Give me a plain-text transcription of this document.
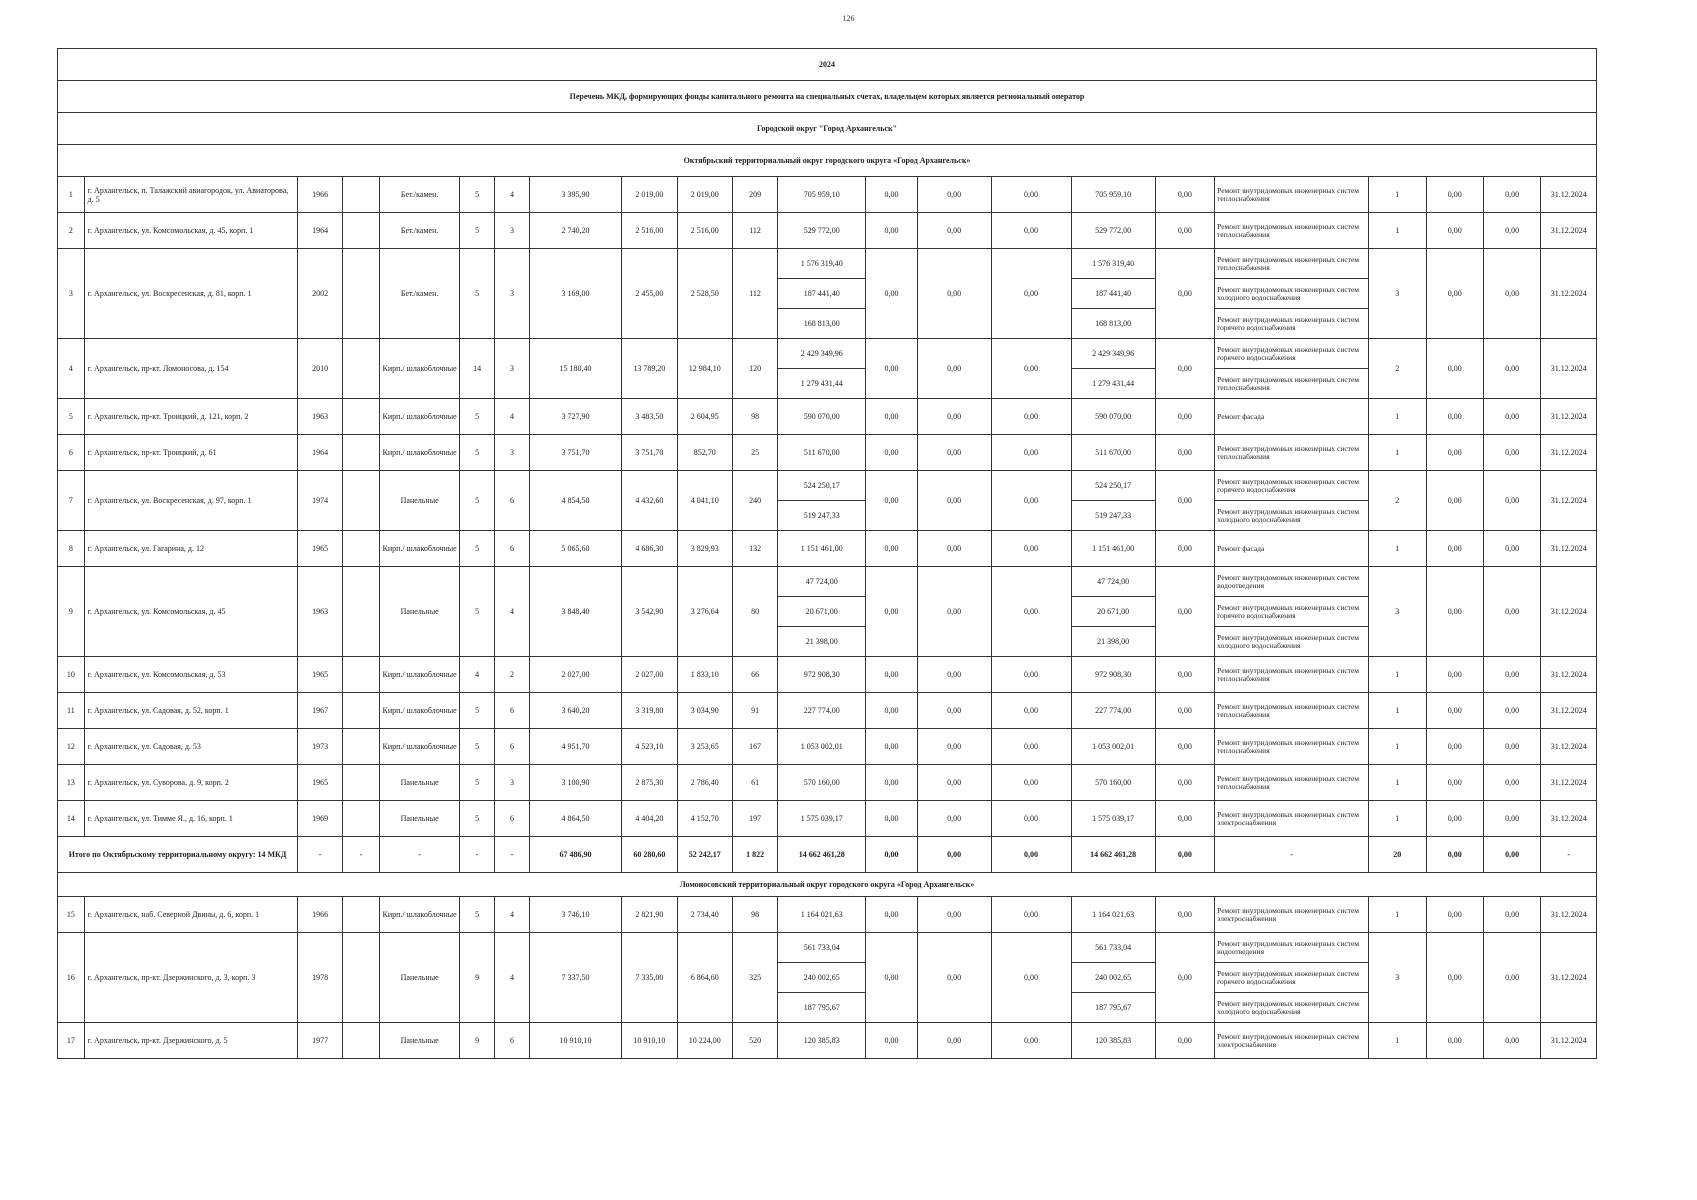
126
2024																					
Перечень МКД, формирующих фонды капитального ремонта на специальных счетах, владельцем которых является региональный оператор																					
Городской округ "Город Архангельск"																					
Октябрьский территориальный округ городского округа «Город Архангельск»																					
1	г. Архангельск, п. Талажский авиагородок, ул. Авиаторова, д. 5	1966		Бет./камен.	5	4	3 395,90	2 019,00	2 019,00	209	705 959,10	0,00	0,00	0,00	705 959,10	0,00	Ремонт внутридомовых инженерных систем теплоснабжения	1	0,00	0,00	31.12.2024
2	г. Архангельск, ул. Комсомольская, д. 45, корп. 1	1964		Бет./камен.	5	3	2 740,20	2 516,00	2 516,00	112	529 772,00	0,00	0,00	0,00	529 772,00	0,00	Ремонт внутридомовых инженерных систем теплоснабжения	1	0,00	0,00	31.12.2024
3	г. Архангельск, ул. Воскресенская, д. 81, корп. 1	2002		Бет./камен.	5	3	3 169,00	2 455,00	2 528,50	112	1 576 319,40	0,00	0,00	0,00	1 576 319,40	0,00	Ремонт внутридомовых инженерных систем теплоснабжения	3	0,00	0,00	31.12.2024
											187 441,40				187 441,40		Ремонт внутридомовых инженерных систем холодного водоснабжения				
											168 813,00				168 813,00		Ремонт внутридомовых инженерных систем горячего водоснабжения				
4	г. Архангельск, пр-кт. Ломоносова, д. 154	2010		Кирп./ шлакоблочные	14	3	15 180,40	13 789,20	12 984,10	120	2 429 349,96	0,00	0,00	0,00	2 429 349,96	0,00	Ремонт внутридомовых инженерных систем горячего водоснабжения	2	0,00	0,00	31.12.2024
											1 279 431,44				1 279 431,44		Ремонт внутридомовых инженерных систем теплоснабжения				
5	г. Архангельск, пр-кт. Троицкий, д. 121, корп. 2	1963		Кирп./ шлакоблочные	5	4	3 727,90	3 483,50	2 604,95	98	590 070,00	0,00	0,00	0,00	590 070,00	0,00	Ремонт фасада	1	0,00	0,00	31.12.2024
6	г. Архангельск, пр-кт. Троицкий, д. 61	1964		Кирп./ шлакоблочные	5	3	3 751,70	3 751,70	852,70	25	511 670,00	0,00	0,00	0,00	511 670,00	0,00	Ремонт внутридомовых инженерных систем теплоснабжения	1	0,00	0,00	31.12.2024
7	г. Архангельск, ул. Воскресенская, д. 97, корп. 1	1974		Панельные	5	6	4 854,50	4 432,60	4 041,10	240	524 250,17	0,00	0,00	0,00	524 250,17	0,00	Ремонт внутридомовых инженерных систем горячего водоснабжения	2	0,00	0,00	31.12.2024
											519 247,33				519 247,33		Ремонт внутридомовых инженерных систем холодного водоснабжения				
8	г. Архангельск, ул. Гагарина, д. 12	1965		Кирп./ шлакоблочные	5	6	5 065,60	4 686,30	3 829,93	132	1 151 461,00	0,00	0,00	0,00	1 151 461,00	0,00	Ремонт фасада	1	0,00	0,00	31.12.2024
9	г. Архангельск, ул. Комсомольская, д. 45	1963		Панельные	5	4	3 848,40	3 542,90	3 276,64	80	47 724,00	0,00	0,00	0,00	47 724,00	0,00	Ремонт внутридомовых инженерных систем водоотведения	3	0,00	0,00	31.12.2024
											20 671,00				20 671,00		Ремонт внутридомовых инженерных систем горячего водоснабжения				
											21 398,00				21 398,00		Ремонт внутридомовых инженерных систем холодного водоснабжения				
10	г. Архангельск, ул. Комсомольская, д. 53	1965		Кирп./ шлакоблочные	4	2	2 027,00	2 027,00	1 833,10	66	972 908,30	0,00	0,00	0,00	972 908,30	0,00	Ремонт внутридомовых инженерных систем теплоснабжения	1	0,00	0,00	31.12.2024
11	г. Архангельск, ул. Садовая, д. 52, корп. 1	1967		Кирп./ шлакоблочные	5	6	3 640,20	3 319,80	3 034,90	91	227 774,00	0,00	0,00	0,00	227 774,00	0,00	Ремонт внутридомовых инженерных систем теплоснабжения	1	0,00	0,00	31.12.2024
12	г. Архангельск, ул. Садовая, д. 53	1973		Кирп./ шлакоблочные	5	6	4 951,70	4 523,10	3 253,65	167	1 053 002,01	0,00	0,00	0,00	1 053 002,01	0,00	Ремонт внутридомовых инженерных систем теплоснабжения	1	0,00	0,00	31.12.2024
13	г. Архангельск, ул. Суворова, д. 9, корп. 2	1965		Панельные	5	3	3 100,90	2 875,30	2 786,40	61	570 160,00	0,00	0,00	0,00	570 160,00	0,00	Ремонт внутридомовых инженерных систем теплоснабжения	1	0,00	0,00	31.12.2024
14	г. Архангельск, ул. Тимме Я., д. 16, корп. 1	1969		Панельные	5	6	4 864,50	4 404,20	4 152,70	197	1 575 039,17	0,00	0,00	0,00	1 575 039,17	0,00	Ремонт внутридомовых инженерных систем электроснабжения	1	0,00	0,00	31.12.2024
Итого по Октябрьскому территориальному округу: 14 МКД		-	-	-	-	-	67 486,90	60 280,60	52 242,17	1 822	14 662 461,28	0,00	0,00	0,00	14 662 461,28	0,00	-	20	0,00	0,00	-
Ломоносовский территориальный округ городского округа «Город Архангельск»																					
15	г. Архангельск, наб. Северной Двины, д. 6, корп. 1	1966		Кирп./ шлакоблочные	5	4	3 746,10	2 821,90	2 734,40	98	1 164 021,63	0,00	0,00	0,00	1 164 021,63	0,00	Ремонт внутридомовых инженерных систем электроснабжения	1	0,00	0,00	31.12.2024
16	г. Архангельск, пр-кт. Дзержинского, д. 3, корп. 3	1978		Панельные	9	4	7 337,50	7 335,00	6 864,60	325	561 733,04	0,00	0,00	0,00	561 733,04	0,00	Ремонт внутридомовых инженерных систем водоотведения	3	0,00	0,00	31.12.2024
											240 002,65				240 002,65		Ремонт внутридомовых инженерных систем горячего водоснабжения				
											187 795,67				187 795,67		Ремонт внутридомовых инженерных систем холодного водоснабжения				
17	г. Архангельск, пр-кт. Дзержинского, д. 5	1977		Панельные	9	6	10 910,10	10 910,10	10 224,00	520	120 385,83	0,00	0,00	0,00	120 385,83	0,00	Ремонт внутридомовых инженерных систем электроснабжения	1	0,00	0,00	31.12.2024
